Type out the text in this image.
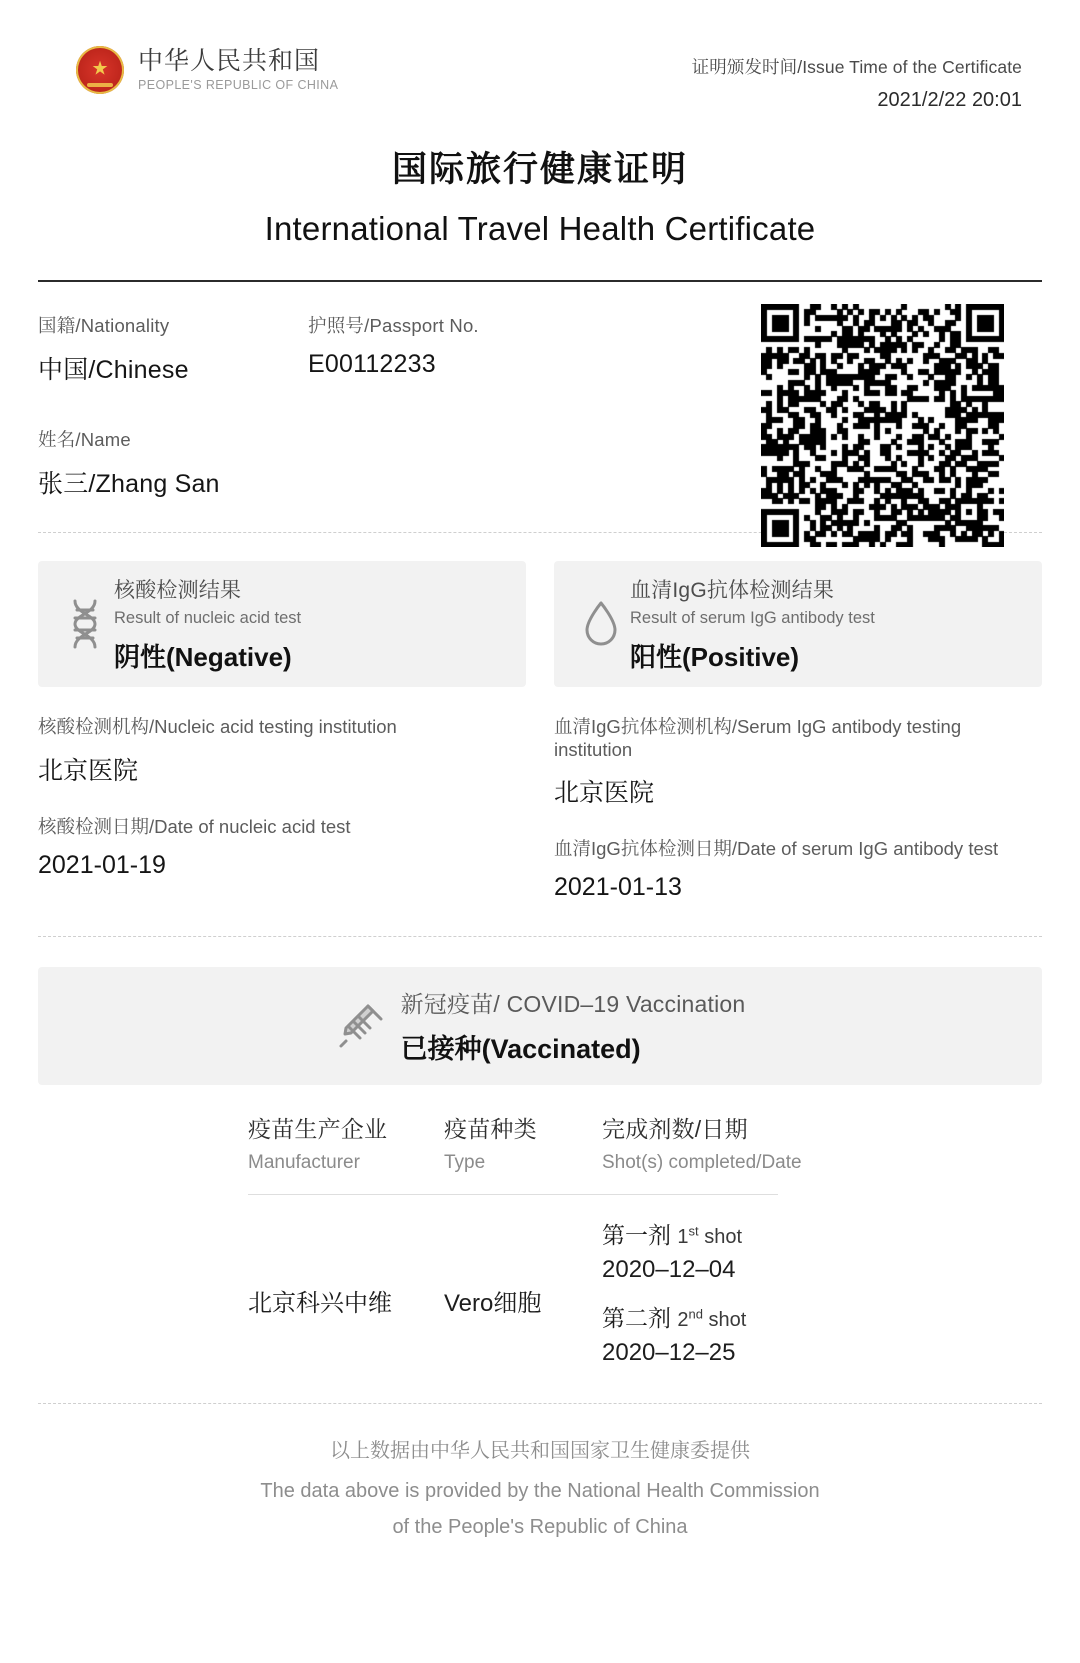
★
中华人民共和国
PEOPLE'S REPUBLIC OF CHINA
证明颁发时间/Issue Time of the Certificate
2021/2/22 20:01
国际旅行健康证明
International Travel Health Certificate
国籍/Nationality
中国/Chinese
护照号/Passport No.
E00112233
姓名/Name
张三/Zhang San
核酸检测结果
Result of nucleic acid test
阴性(Negative)
核酸检测机构/Nucleic acid testing institution
北京医院
核酸检测日期/Date of nucleic acid test
2021-01-19
血清IgG抗体检测结果
Result of serum IgG antibody test
阳性(Positive)
血清IgG抗体检测机构/Serum IgG antibody testing institution
北京医院
血清IgG抗体检测日期/Date of serum IgG antibody test
2021-01-13
新冠疫苗/ COVID–19 Vaccination
已接种(Vaccinated)
疫苗生产企业
Manufacturer
疫苗种类
Type
完成剂数/日期
Shot(s) completed/Date
北京科兴中维	Vero细胞
第一剂 1st shot
2020–12–04
第二剂 2nd shot
2020–12–25
以上数据由中华人民共和国国家卫生健康委提供
The data above is provided by the National Health Commission
of the People's Republic of China
